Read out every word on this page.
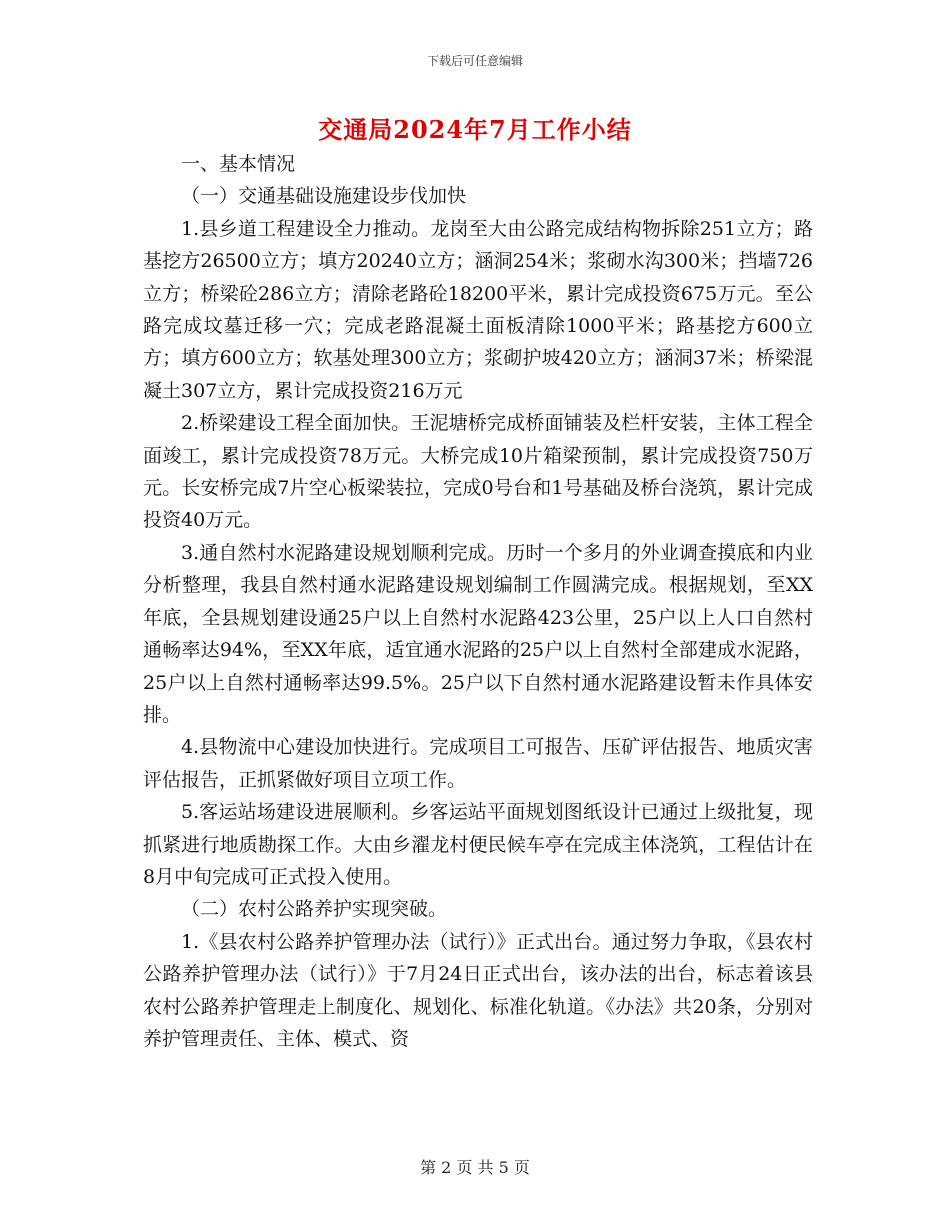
下载后可任意编辑
交通局2024年7月工作小结

一、基本情况

（一）交通基础设施建设步伐加快

1.县乡道工程建设全力推动。龙岗至大由公路完成结构物拆除251立方；路基挖方26500立方；填方20240立方；涵洞254米；浆砌水沟300米；挡墙726立方；桥梁砼286立方；清除老路砼18200平米，累计完成投资675万元。至公路完成坟墓迁移一穴；完成老路混凝土面板清除1000平米；路基挖方600立方；填方600立方；软基处理300立方；浆砌护坡420立方；涵洞37米；桥梁混凝土307立方，累计完成投资216万元

2.桥梁建设工程全面加快。王泥塘桥完成桥面铺装及栏杆安装，主体工程全面竣工，累计完成投资78万元。大桥完成10片箱梁预制，累计完成投资750万元。长安桥完成7片空心板梁装拉，完成0号台和1号基础及桥台浇筑，累计完成投资40万元。

3.通自然村水泥路建设规划顺利完成。历时一个多月的外业调查摸底和内业分析整理，我县自然村通水泥路建设规划编制工作圆满完成。根据规划，至XX年底，全县规划建设通25户以上自然村水泥路423公里，25户以上人口自然村通畅率达94%，至XX年底，适宜通水泥路的25户以上自然村全部建成水泥路，25户以上自然村通畅率达99.5%。25户以下自然村通水泥路建设暂未作具体安排。

4.县物流中心建设加快进行。完成项目工可报告、压矿评估报告、地质灾害评估报告，正抓紧做好项目立项工作。

5.客运站场建设进展顺利。乡客运站平面规划图纸设计已通过上级批复，现抓紧进行地质勘探工作。大由乡濯龙村便民候车亭在完成主体浇筑，工程估计在8月中旬完成可正式投入使用。

（二）农村公路养护实现突破。

1.《县农村公路养护管理办法（试行）》正式出台。通过努力争取，《县农村公路养护管理办法（试行）》于7月24日正式出台，该办法的出台，标志着该县农村公路养护管理走上制度化、规划化、标准化轨道。《办法》共20条，分别对养护管理责任、主体、模式、资

第 2 页 共 5 页
